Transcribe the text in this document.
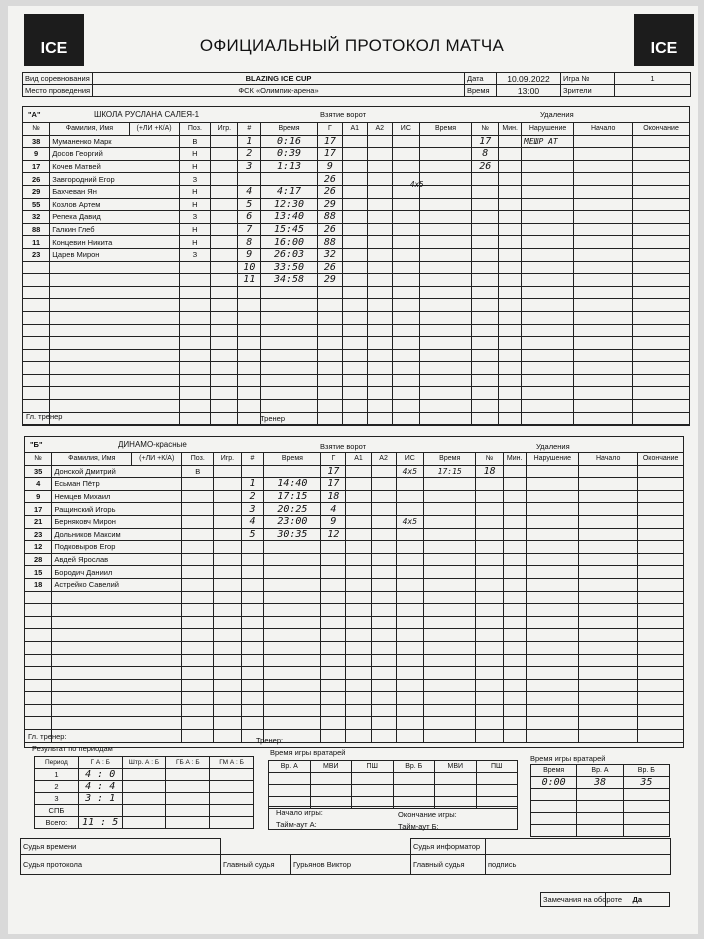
ICE	ICE
ОФИЦИАЛЬНЫЙ ПРОТОКОЛ МАТЧА
Вид соревнования	BLAZING ICE CUP	Дата	10.09.2022	Игра №	1
Место проведения	ФСК «Олимпик-арена»	Время	13:00	Зрители	
"А"	ШКОЛА РУСЛАНА САЛЕЯ-1	Взятие ворот	Удаления
№	Фамилия, Имя	(+ЛИ +К/А)	Поз.	Игр.	#	Время	Г	А1	А2	ИС	Время	№	Мин.	Нарушение	Начало	Окончание
38	Муманенко Марк		В		1	0:16	17					17		МЕШР АТ		
9	Досов Георгий		Н		2	0:39	17					8				
17	Кочев Матвей		Н		3	1:13	9					26				
26	Завгородний Егор		З				26									
29	Бахчеван Ян		Н		4	4:17	26									
55	Козлов Артем		Н		5	12:30	29									
32	Репека Давид		З		6	13:40	88									
88	Галкин Глеб		Н		7	15:45	26									
11	Концевин Никита		Н		8	16:00	88									
23	Царев Мирон		З		9	26:03	32									
					10	33:50	26									
					11	34:58	29									

Гл. тренер	Тренер
4x5
"Б"	ДИНАМО-красные	Взятие ворот	Удаления
№	Фамилия, Имя	(+ЛИ +К/А)	Поз.	Игр.	#	Время	Г	А1	А2	ИС	Время	№	Мин.	Нарушение	Начало	Окончание
35	Донской Дмитрий		В				17			4x5	17:15	18				
4	Есьман Пётр				1	14:40	17									
9	Немцев Михаил				2	17:15	18									
17	Ращинский Игорь				3	20:25	4									
21	Берняковч Мирон				4	23:00	9			4x5						
23	Дольников Максим				5	30:35	12									
12	Подковыров Егор															
28	Авдей Ярослав															
15	Бородич Даниил															
18	Астрейко Савелий															

Гл. тренер:	Тренер:
Результат по периодам
Период	Г А : Б	Штр. А : Б	ГБ А : Б	ГМ А : Б
1	4 : 0			
2	4 : 4			
3	3 : 1			
СПБ				
Всего:	11 : 5			
Время игры вратарей
Вр. А	МВИ	ПШ	Вр. Б	МВИ	ПШ

Начало игры:	Окончание игры:
Тайм-аут А:	Тайм-аут Б:
Время игры вратарей
Время	Вр. А	Вр. Б
0:00	38	35

Судья времени			Судья информатор	
Судья протокола	Главный судья	Гурьянов Виктор	Главный судья	подпись
Замечания на обороте	Да
